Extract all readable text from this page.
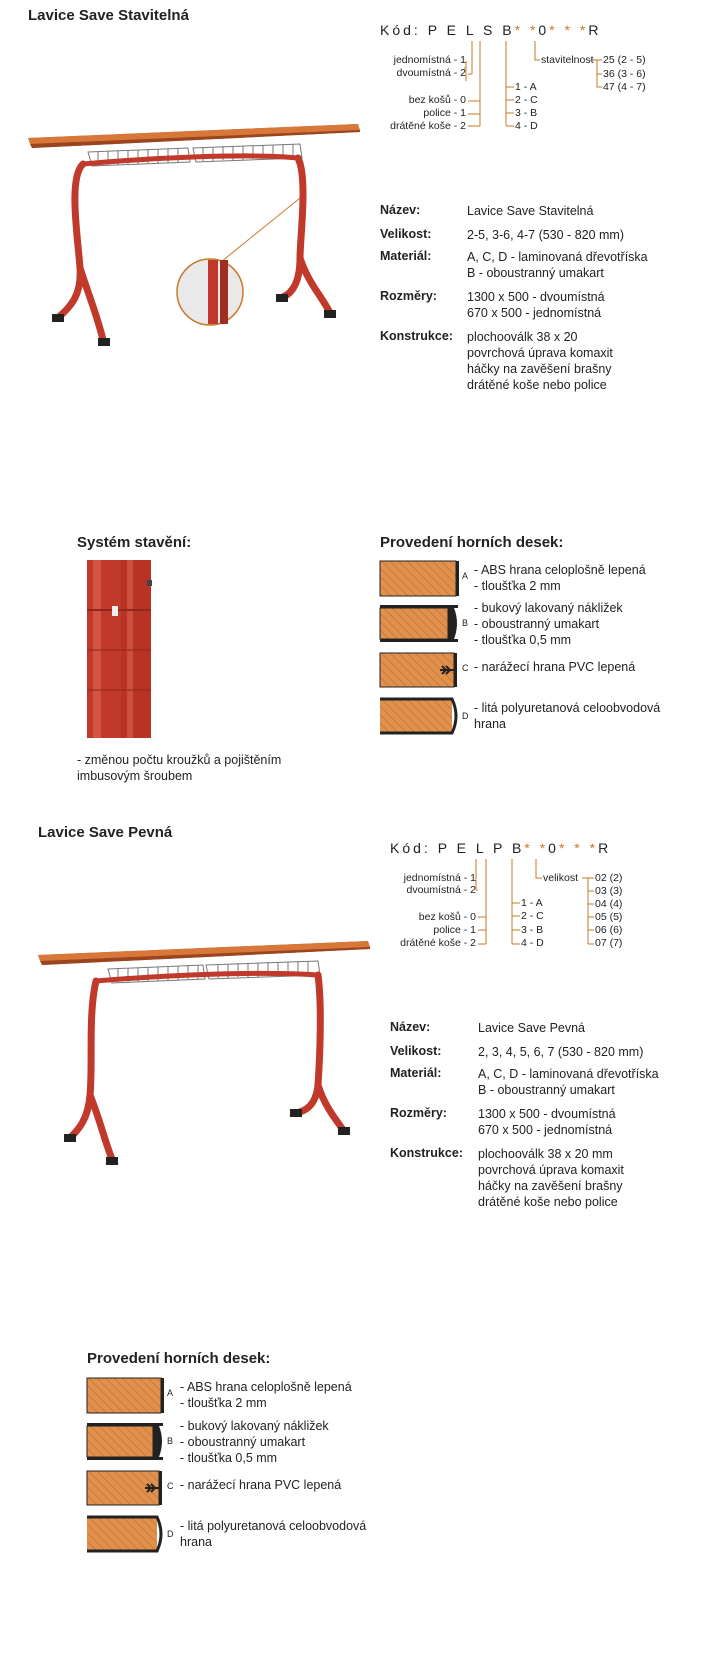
Lavice Save Stavitelná
Kód: P E L S B* *0* * *R
jednomístná - 1
dvoumístná - 2
bez košů - 0
police - 1
drátěné koše - 2
1 - A
2 - C
3 - B
4 - D
stavitelnost 25 (2 - 5)
36 (3 - 6)
47 (4 - 7)
Název:	Lavice Save Stavitelná
Velikost:	2-5, 3-6, 4-7 (530 - 820 mm)
Materiál:	A, C, D - laminovaná dřevotříska
B - oboustranný umakart
Rozměry: 1300 x 500 - dvoumístná
670 x 500 - jednomístná
Konstrukce: plochooválk 38 x 20
povrchová úprava komaxit
háčky na zavěšení brašny
drátěné koše nebo police
Systém stavění:
- změnou počtu kroužků a pojištěním
imbusovým šroubem
Provedení horních desek:
A - ABS hrana celoplošně lepená
- tloušťka 2 mm
B
- bukový lakovaný nákližek
- oboustranný umakart
- tloušťka 0,5 mm
C - narážecí hrana PVC lepená
D
- litá polyuretanová celoobvodová
hrana
Lavice Save Pevná
Kód: P E L P B* *0* * *R
jednomístná - 1
dvoumístná - 2
bez košů - 0
police - 1
drátěné koše - 2
1 - A
2 - C
3 - B
4 - D
velikost 02 (2)
03 (3)
04 (4)
05 (5)
06 (6)
07 (7)
Název:	Lavice Save Pevná
Velikost:	2, 3, 4, 5, 6, 7 (530 - 820 mm)
Materiál:	A, C, D - laminovaná dřevotříska
B - oboustranný umakart
Rozměry: 1300 x 500 - dvoumístná
670 x 500 - jednomístná
Konstrukce: plochooválk 38 x 20 mm
povrchová úprava komaxit
háčky na zavěšení brašny
drátěné koše nebo police
Provedení horních desek:
A - ABS hrana celoplošně lepená
- tloušťka 2 mm
B
- bukový lakovaný nákližek
- oboustranný umakart
- tloušťka 0,5 mm
C - narážecí hrana PVC lepená
D
- litá polyuretanová celoobvodová
hrana
